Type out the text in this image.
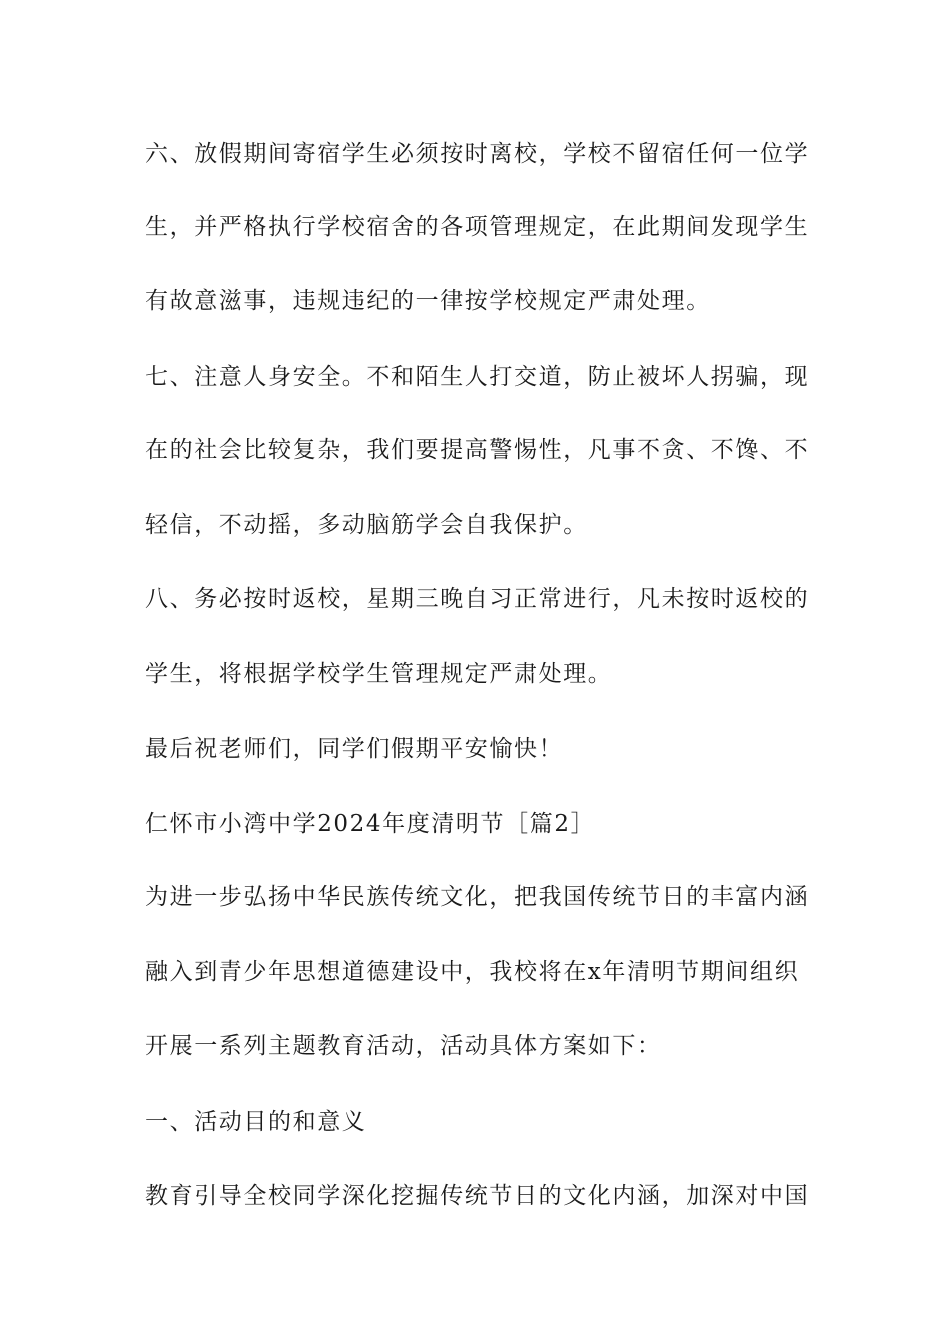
六、放假期间寄宿学生必须按时离校，学校不留宿任何一位学

生，并严格执行学校宿舍的各项管理规定，在此期间发现学生

有故意滋事，违规违纪的一律按学校规定严肃处理。

七、注意人身安全。不和陌生人打交道，防止被坏人拐骗，现

在的社会比较复杂，我们要提高警惕性，凡事不贪、不馋、不

轻信，不动摇，多动脑筋学会自我保护。

八、务必按时返校，星期三晚自习正常进行，凡未按时返校的

学生，将根据学校学生管理规定严肃处理。

最后祝老师们，同学们假期平安愉快！

仁怀市小湾中学2024年度清明节［篇2］

为进一步弘扬中华民族传统文化，把我国传统节日的丰富内涵

融入到青少年思想道德建设中，我校将在x年清明节期间组织

开展一系列主题教育活动，活动具体方案如下：

一、活动目的和意义

教育引导全校同学深化挖掘传统节日的文化内涵，加深对中国
